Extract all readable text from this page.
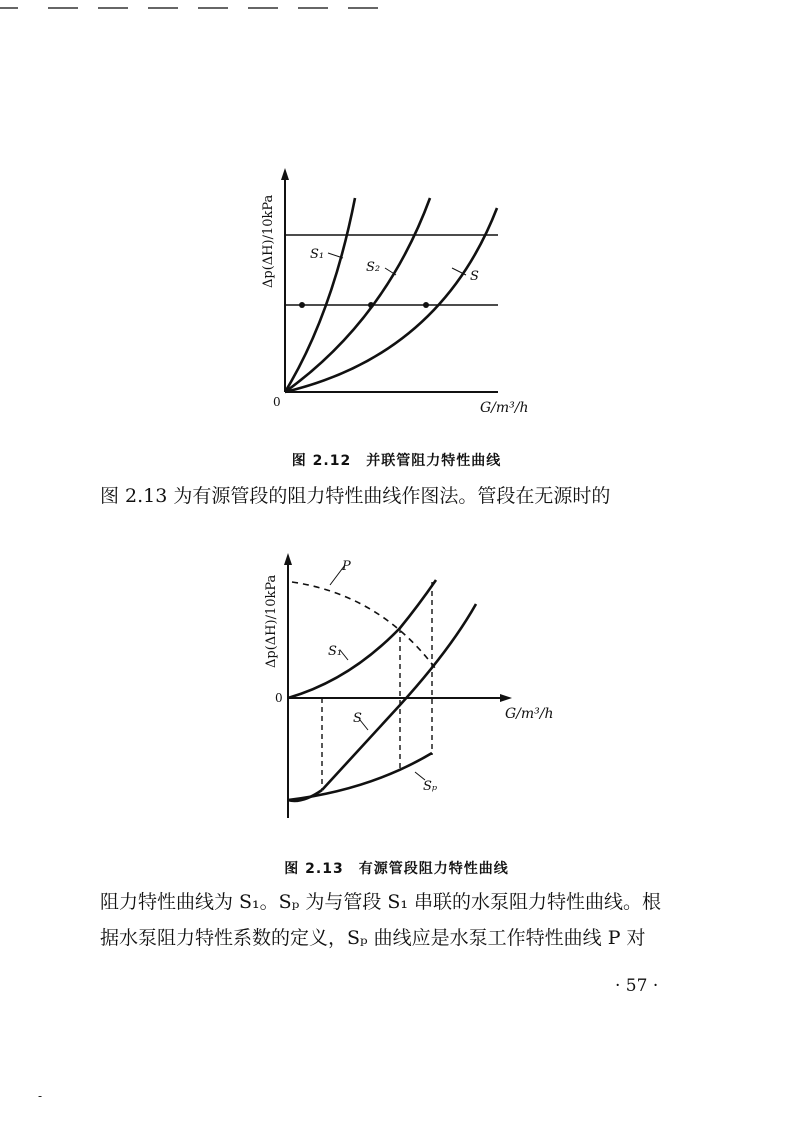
S₁
S₂
S
0	G/m³/h
Δp(ΔH)/10kPa
图 2.12　并联管阻力特性曲线
图 2.13 为有源管段的阻力特性曲线作图法。管段在无源时的
P
S₁
S
Sₚ
0
G/m³/h
Δp(ΔH)/10kPa
图 2.13　有源管段阻力特性曲线
阻力特性曲线为 S₁。Sₚ 为与管段 S₁ 串联的水泵阻力特性曲线。根
据水泵阻力特性系数的定义，Sₚ 曲线应是水泵工作特性曲线 P 对
· 57 ·
-
